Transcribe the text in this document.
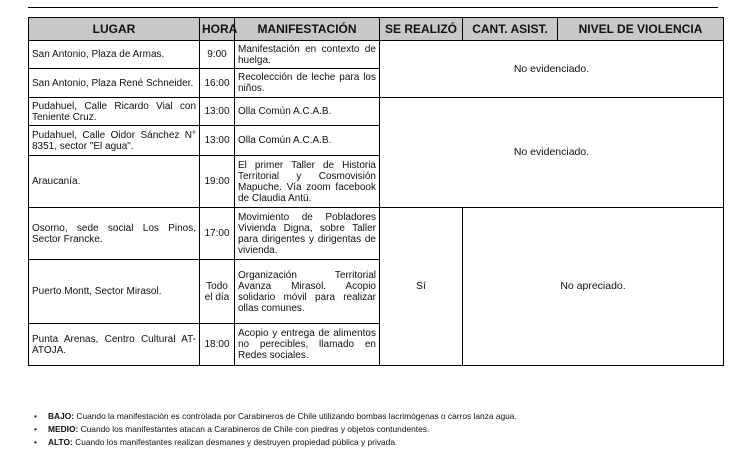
LUGAR	HORA	MANIFESTACIÓN	SE REALIZÓ	CANT. ASIST.	NIVEL DE VIOLENCIA
San Antonio, Plaza de Armas.	9:00	Manifestación en contexto de huelga.	No evidenciado.		
San Antonio, Plaza René Schneider.	16:00	Recolección de leche para los niños.			
Pudahuel, Calle Ricardo Vial con Teniente Cruz.	13:00	Olla Común A.C.A.B.	No evidenciado.		
Pudahuel, Calle Oidor Sánchez N° 8351, sector "El agua".	13:00	Olla Común A.C.A.B.			
Araucanía.	19:00	El primer Taller de Historia Territorial y Cosmovisión Mapuche. Vía zoom facebook de Claudia Antü.			
Osorno, sede social Los Pinos, Sector Francke.	17:00	Movimiento de Pobladores Vivienda Digna, sobre Taller para dirigentes y dirigentas de vivienda.	Sí	No apreciado.	
Puerto Montt, Sector Mirasol.	Todo el día	Organización Territorial Avanza Mirasol. Acopio solidario móvil para realizar ollas comunes.			
Punta Arenas, Centro Cultural AT-ATOJA.	18:00	Acopio y entrega de alimentos no perecibles, llamado en Redes sociales.			
• BAJO: Cuando la manifestación es controlada por Carabineros de Chile utilizando bombas lacrimógenas o carros lanza agua.
• MEDIO: Cuando los manifestantes atacan a Carabineros de Chile con piedras y objetos contundentes.
• ALTO: Cuando los manifestantes realizan desmanes y destruyen propiedad pública y privada.
